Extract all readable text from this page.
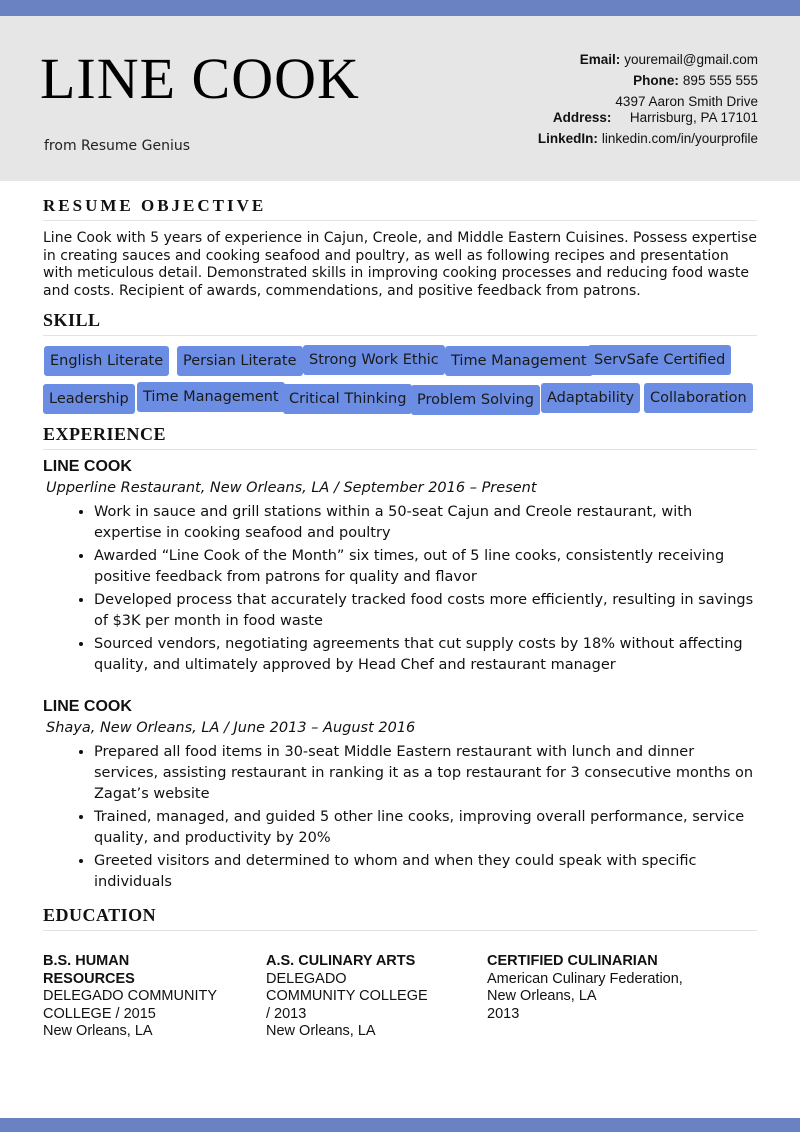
LINE COOK
from Resume Genius
Email: youremail@gmail.com
Phone: 895 555 555
Address:4397 Aaron Smith Drive
Harrisburg, PA 17101
LinkedIn: linkedin.com/in/yourprofile
RESUME OBJECTIVE

Line Cook with 5 years of experience in Cajun, Creole, and Middle Eastern Cuisines. Possess expertise in creating sauces and cooking seafood and poultry, as well as following recipes and presentation with meticulous detail. Demonstrated skills in improving cooking processes and reducing food waste and costs. Recipient of awards, commendations, and positive feedback from patrons.

SKILL
English Literate	Persian Literate Strong Work Ethic Time Management ServSafe Certified
Leadership Time Management Critical Thinking Problem Solving Adaptability	Collaboration
EXPERIENCE
LINE COOK
Upperline Restaurant, New Orleans, LA / September 2016 – Present
• Work in sauce and grill stations within a 50-seat Cajun and Creole restaurant, with expertise in cooking seafood and poultry
• Awarded “Line Cook of the Month” six times, out of 5 line cooks, consistently receiving positive feedback from patrons for quality and flavor
• Developed process that accurately tracked food costs more efficiently, resulting in savings of $3K per month in food waste
• Sourced vendors, negotiating agreements that cut supply costs by 18% without affecting quality, and ultimately approved by Head Chef and restaurant manager
LINE COOK
Shaya, New Orleans, LA / June 2013 – August 2016
• Prepared all food items in 30-seat Middle Eastern restaurant with lunch and dinner services, assisting restaurant in ranking it as a top restaurant for 3 consecutive months on Zagat’s website
• Trained, managed, and guided 5 other line cooks, improving overall performance, service quality, and productivity by 20%
• Greeted visitors and determined to whom and when they could speak with specific individuals
EDUCATION
B.S. HUMAN
RESOURCES
DELEGADO COMMUNITY
COLLEGE / 2015
New Orleans, LA
A.S. CULINARY ARTS
DELEGADO
COMMUNITY COLLEGE
/ 2013
New Orleans, LA
CERTIFIED CULINARIAN
American Culinary Federation,
New Orleans, LA
2013
